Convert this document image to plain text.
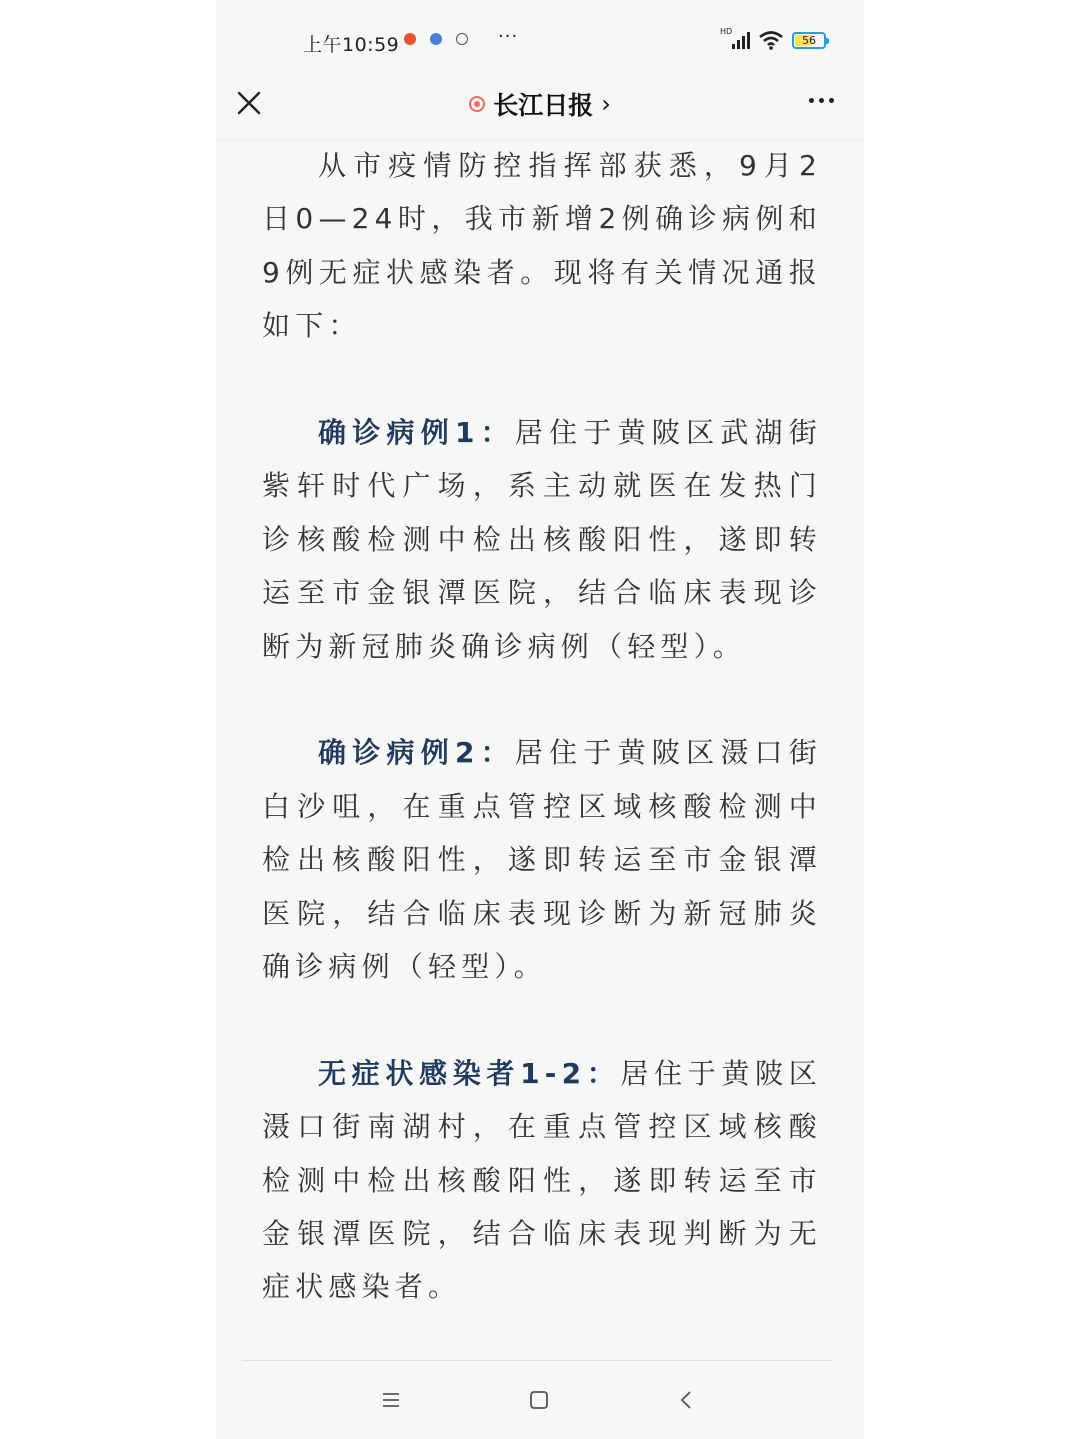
上午10:59	···	HD
56
长江日报 ›

从市疫情防控指挥部获悉，9月2日0—24时，我市新增2例确诊病例和9例无症状感染者。现将有关情况通报如下：

确诊病例1：居住于黄陂区武湖街紫轩时代广场，系主动就医在发热门诊核酸检测中检出核酸阳性，遂即转运至市金银潭医院，结合临床表现诊断为新冠肺炎确诊病例（轻型）。

确诊病例2：居住于黄陂区滠口街白沙咀，在重点管控区域核酸检测中检出核酸阳性，遂即转运至市金银潭医院，结合临床表现诊断为新冠肺炎确诊病例（轻型）。

无症状感染者1-2：居住于黄陂区滠口街南湖村，在重点管控区域核酸检测中检出核酸阳性，遂即转运至市金银潭医院，结合临床表现判断为无症状感染者。
